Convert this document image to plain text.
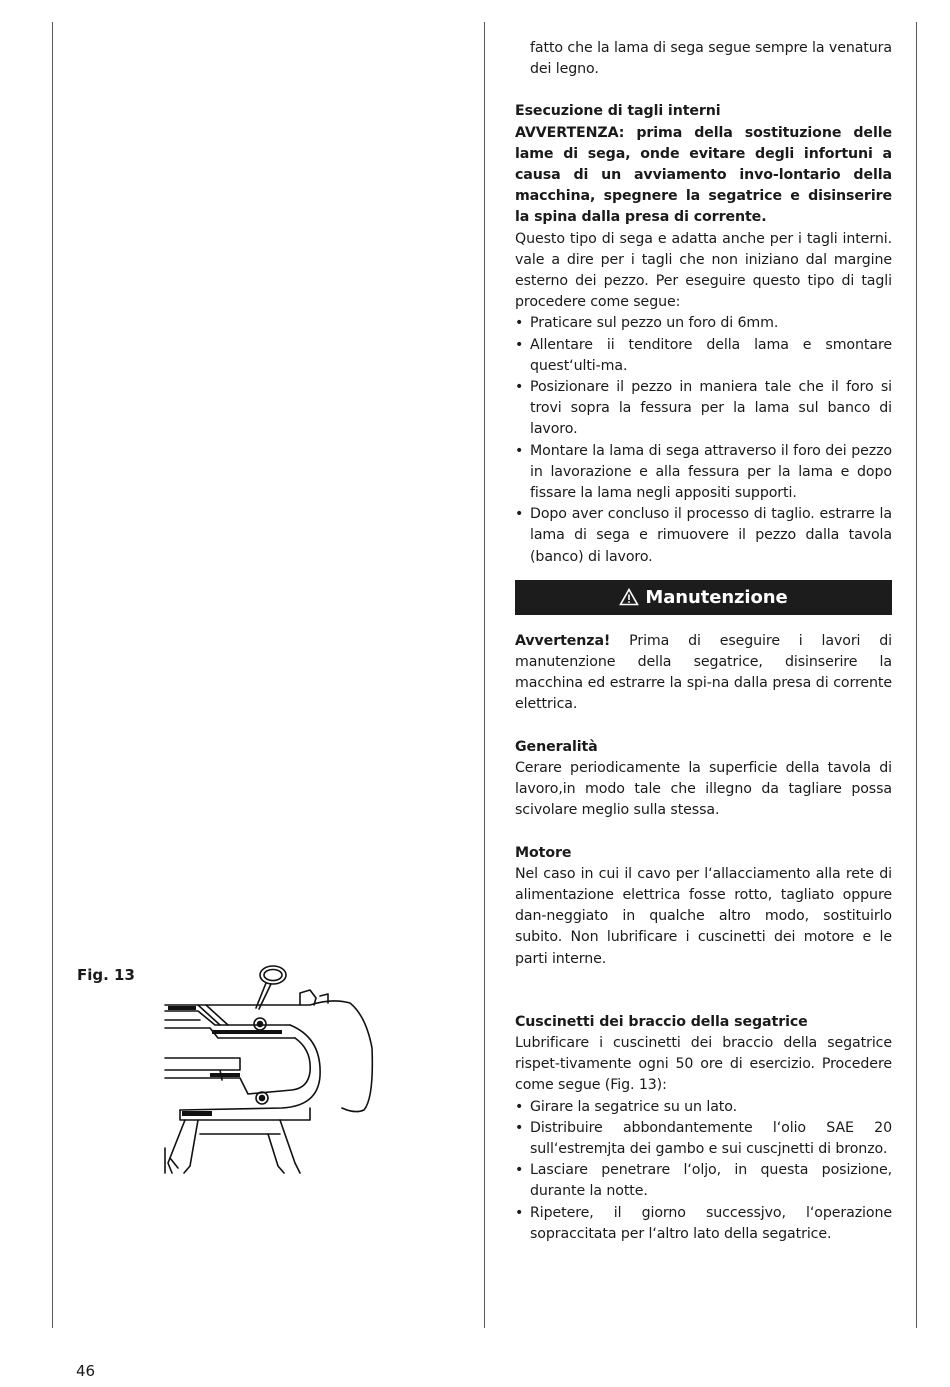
fatto che la lama di sega segue sempre la venatura dei legno.

Esecuzione di tagli interni

AVVERTENZA: prima della sostituzione delle lame di sega, onde evitare degli infortuni a causa di un avviamento invo-lontario della macchina, spegnere la segatrice e disinserire la spina dalla presa di corrente.

Questo tipo di sega e adatta anche per i tagli interni. vale a dire per i tagli che non iniziano dal margine esterno dei pezzo. Per eseguire questo tipo di tagli procedere come segue:

• Praticare sul pezzo un foro di 6mm.
• Allentare ii tenditore della lama e smontare quest‘ulti-ma.
• Posizionare il pezzo in maniera tale che il foro si trovi sopra la fessura per la lama sul banco di lavoro.
• Montare la lama di sega attraverso il foro dei pezzo in lavorazione e alla fessura per la lama e dopo fissare la lama negli appositi supporti.
• Dopo aver concluso il processo di taglio. estrarre la lama di sega e rimuovere il pezzo dalla tavola (banco) di lavoro.
Manutenzione

Avvertenza! Prima di eseguire i lavori di manutenzione della segatrice, disinserire la macchina ed estrarre la spi-na dalla presa di corrente elettrica.

Generalità

Cerare periodicamente la superficie della tavola di lavoro,in modo tale che illegno da tagliare possa scivolare meglio sulla stessa.

Motore

Nel caso in cui il cavo per l‘allacciamento alla rete di alimentazione elettrica fosse rotto, tagliato oppure dan-neggiato in qualche altro modo, sostituirlo subito. Non lubrificare i cuscinetti dei motore e le parti interne.

Cuscinetti dei braccio della segatrice

Lubrificare i cuscinetti dei braccio della segatrice rispet-tivamente ogni 50 ore di esercizio. Procedere come segue (Fig. 13):

• Girare la segatrice su un lato.
• Distribuire abbondantemente l‘olio SAE 20 sull‘estremjta dei gambo e sui cuscjnetti di bronzo.
• Lasciare penetrare l‘oljo, in questa posizione, durante la notte.
• Ripetere, il giorno successjvo, l‘operazione sopraccitata per l‘altro lato della segatrice.
Fig. 13
46
